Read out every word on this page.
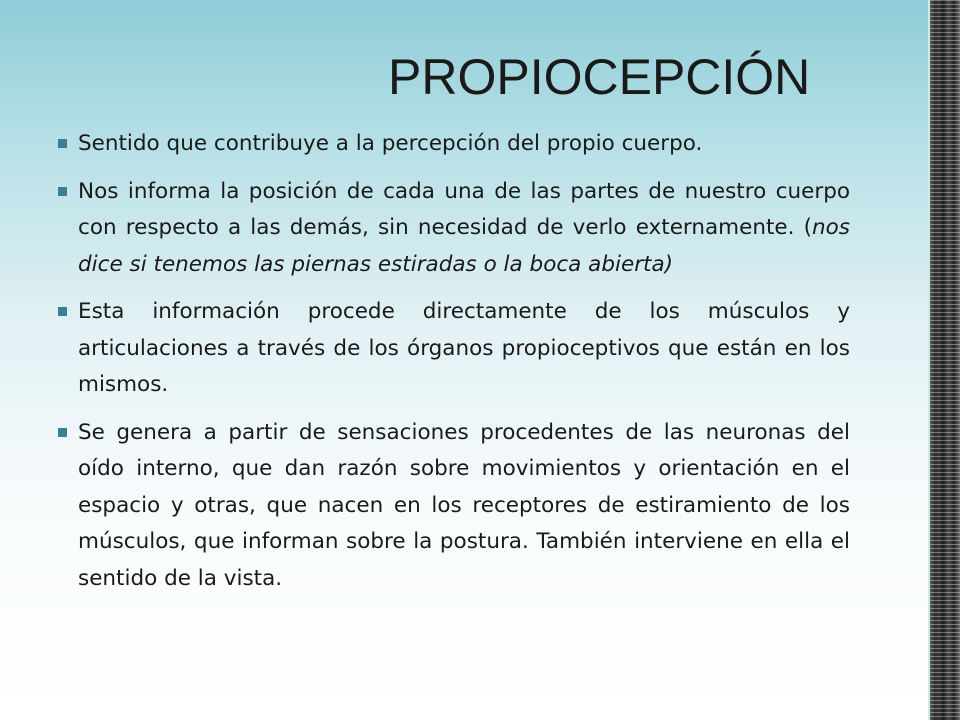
PROPIOCEPCIÓN
Sentido que contribuye a la percepción del propio cuerpo.
Nos informa la posición de cada una de las partes de nuestro cuerpo con respecto a las demás, sin necesidad de verlo externamente. (nos dice si tenemos las piernas estiradas o la boca abierta)
Esta información procede directamente de los músculos y articulaciones a través de los órganos propioceptivos que están en los mismos.
Se genera a partir de sensaciones procedentes de las neuronas del oído interno, que dan razón sobre movimientos y orientación en el espacio y otras, que nacen en los receptores de estiramiento de los músculos, que informan sobre la postura. También interviene en ella el sentido de la vista.
